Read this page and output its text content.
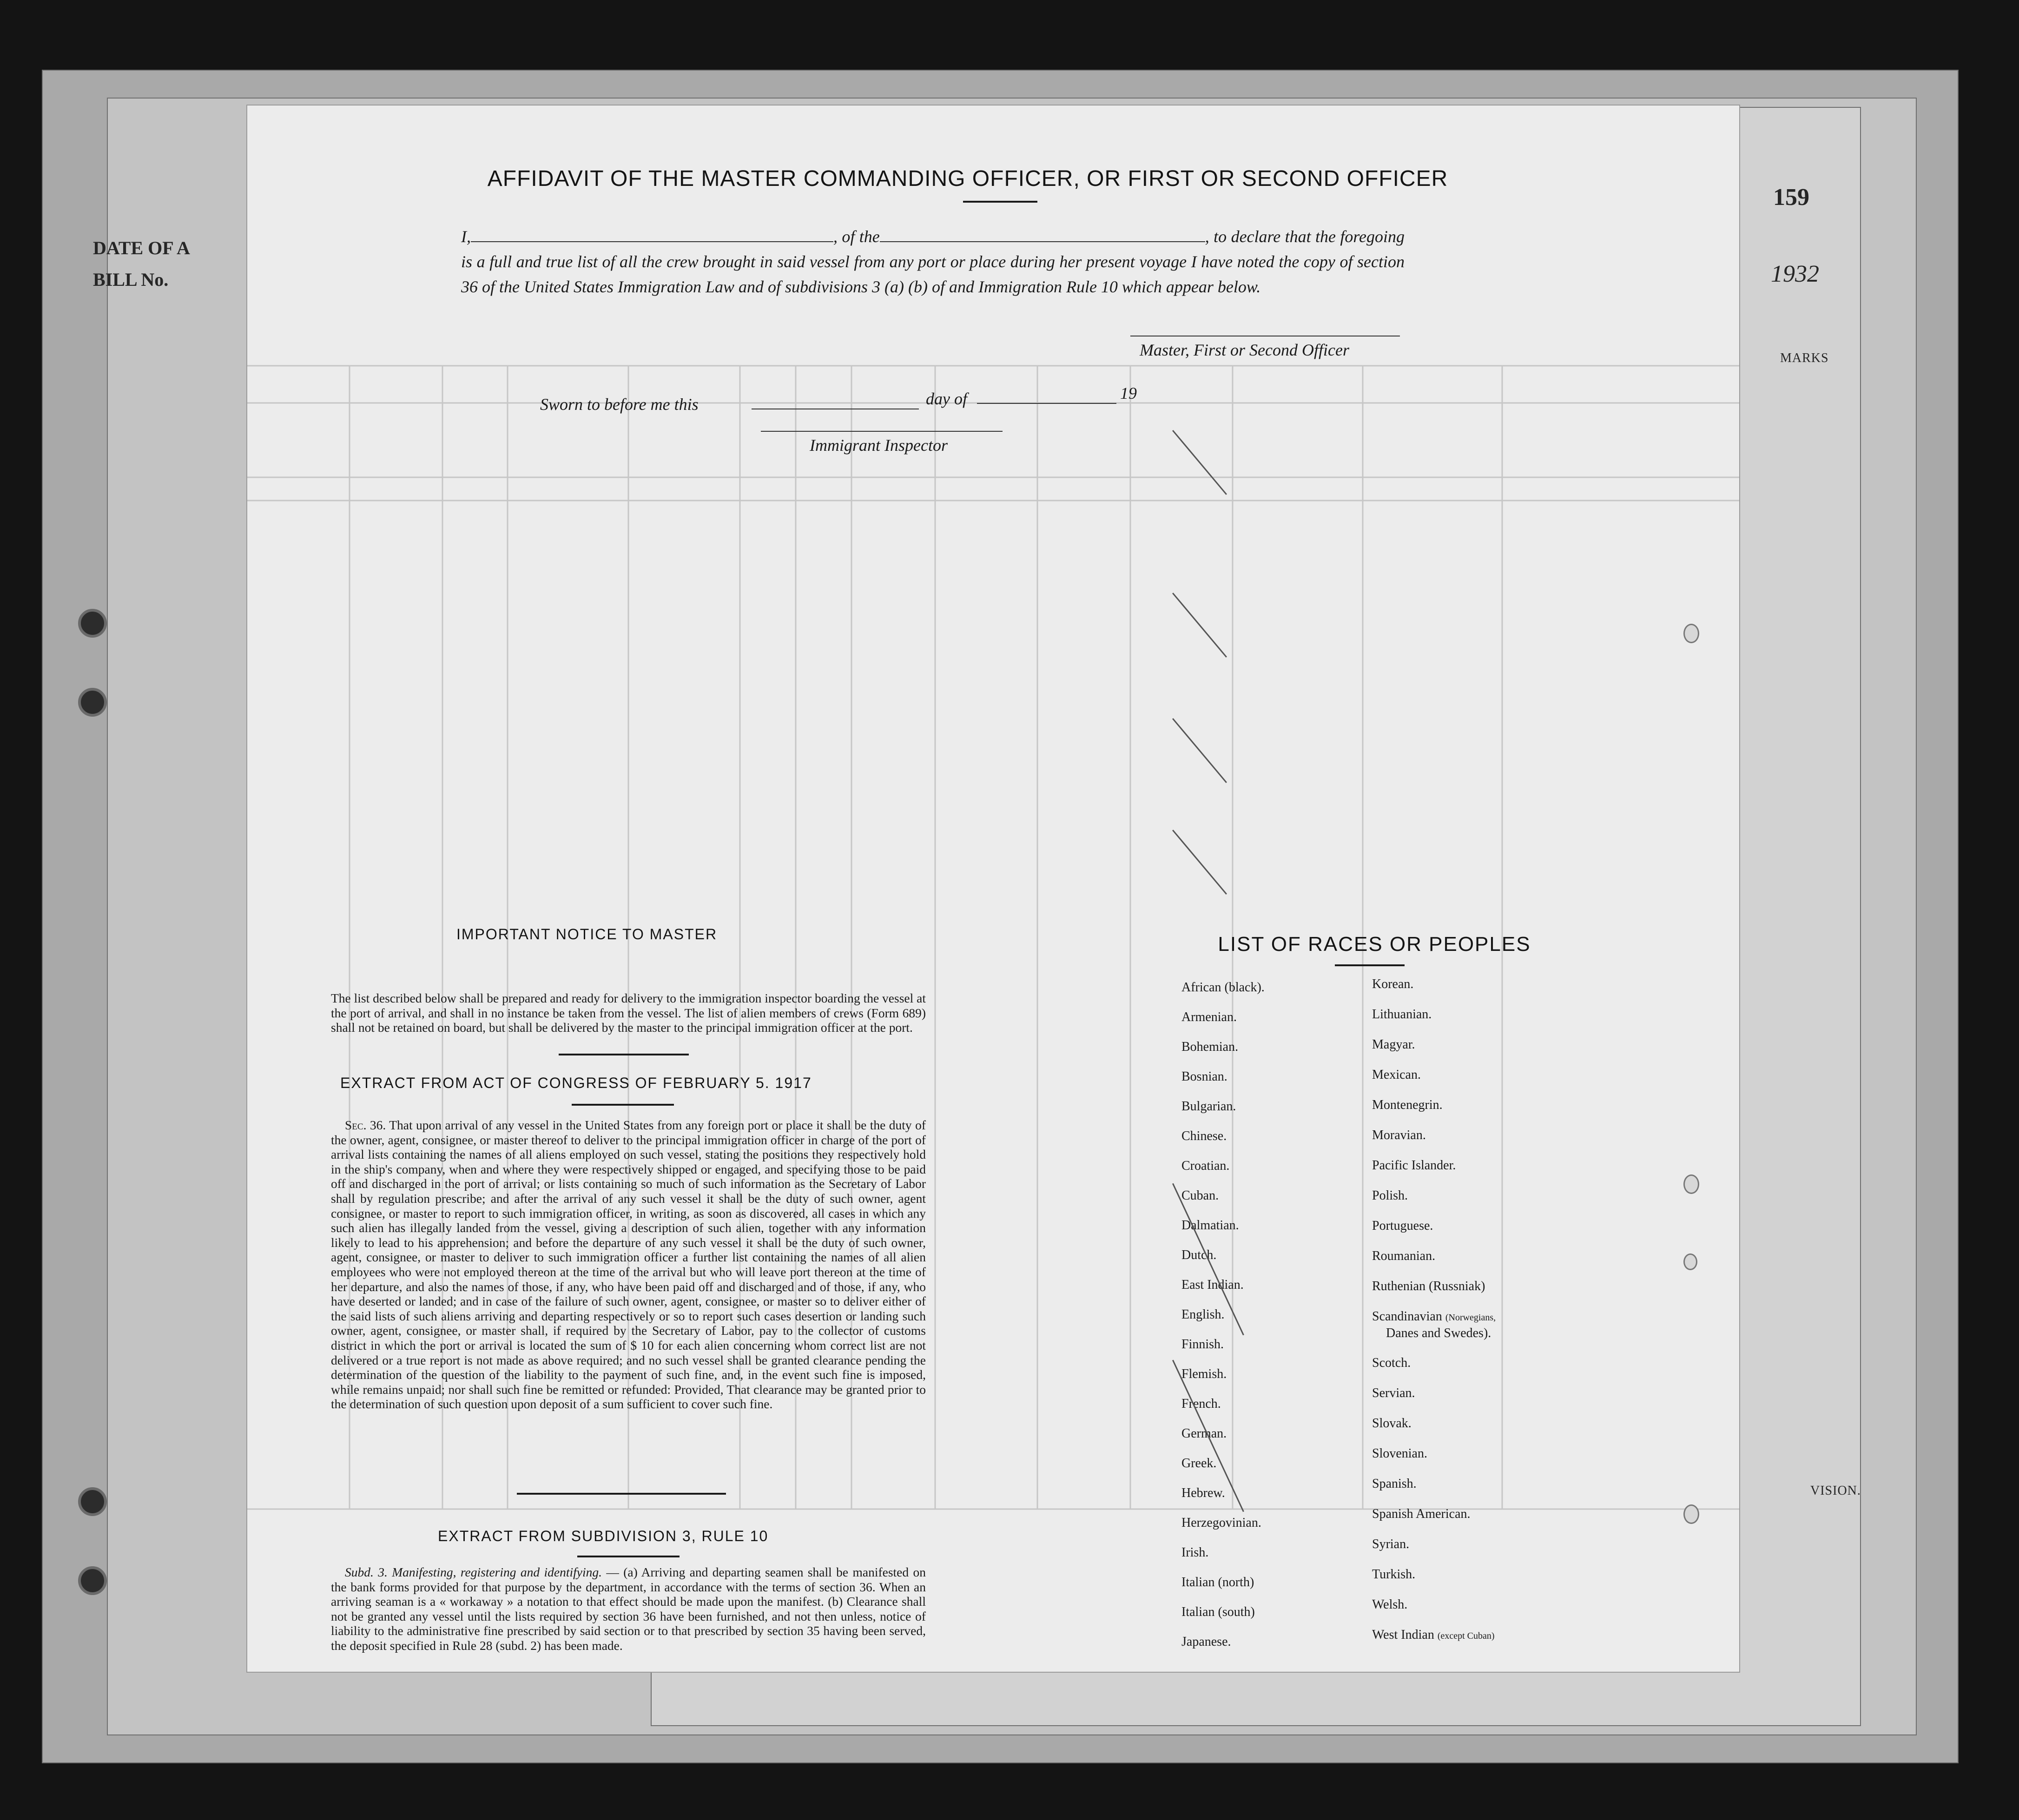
DATE OF A
BILL No.
159
1932
MARKS
VISION.
AFFIDAVIT OF THE MASTER COMMANDING OFFICER, OR FIRST OR SECOND OFFICER
I,	, of the	, to declare that the foregoing is a full and true list of all the crew brought in said vessel from any port or place during her present voyage I have noted the copy of section 36 of the United States Immigration Law and of subdivisions 3 (a) (b) of and Immigration Rule 10 which appear below.
Master, First or Second Officer
Sworn to before me this	day of	19
Immigrant Inspector
IMPORTANT NOTICE TO MASTER
The list described below shall be prepared and ready for delivery to the immigration inspector boarding the vessel at the port of arrival, and shall in no instance be taken from the vessel. The list of alien members of crews (Form 689) shall not be retained on board, but shall be delivered by the master to the principal immigration officer at the port.
EXTRACT FROM ACT OF CONGRESS OF FEBRUARY 5. 1917
Sec. 36. That upon arrival of any vessel in the United States from any foreign port or place it shall be the duty of the owner, agent, consignee, or master thereof to deliver to the principal immigration officer in charge of the port of arrival lists containing the names of all aliens employed on such vessel, stating the positions they respectively hold in the ship's company, when and where they were respectively shipped or engaged, and specifying those to be paid off and discharged in the port of arrival; or lists containing so much of such information as the Secretary of Labor shall by regulation prescribe; and after the arrival of any such vessel it shall be the duty of such owner, agent consignee, or master to report to such immigration officer, in writing, as soon as discovered, all cases in which any such alien has illegally landed from the vessel, giving a description of such alien, together with any information likely to lead to his apprehension; and before the departure of any such vessel it shall be the duty of such owner, agent, consignee, or master to deliver to such immigration officer a further list containing the names of all alien employees who were not employed thereon at the time of the arrival but who will leave port thereon at the time of her departure, and also the names of those, if any, who have been paid off and discharged and of those, if any, who have deserted or landed; and in case of the failure of such owner, agent, consignee, or master so to deliver either of the said lists of such aliens arriving and departing respectively or so to report such cases desertion or landing such owner, agent, consignee, or master shall, if required by the Secretary of Labor, pay to the collector of customs district in which the port or arrival is located the sum of $ 10 for each alien concerning whom correct list are not delivered or a true report is not made as above required; and no such vessel shall be granted clearance pending the determination of the question of the liability to the payment of such fine, and, in the event such fine is imposed, while remains unpaid; nor shall such fine be remitted or refunded: Provided, That clearance may be granted prior to the determination of such question upon deposit of a sum sufficient to cover such fine.
EXTRACT FROM SUBDIVISION 3, RULE 10
Subd. 3. Manifesting, registering and identifying. — (a) Arriving and departing seamen shall be manifested on the bank forms provided for that purpose by the department, in accordance with the terms of section 36. When an arriving seaman is a « workaway » a notation to that effect should be made upon the manifest. (b) Clearance shall not be granted any vessel until the lists required by section 36 have been furnished, and not then unless, notice of liability to the administrative fine prescribed by said section or to that prescribed by section 35 having been served, the deposit specified in Rule 28 (subd. 2) has been made.
LIST OF RACES OR PEOPLES
African (black).
Armenian.
Bohemian.
Bosnian.
Bulgarian.
Chinese.
Croatian.
Cuban.
Dalmatian.
Dutch.
East Indian.
English.
Finnish.
Flemish.
French.
German.
Greek.
Hebrew.
Herzegovinian.
Irish.
Italian (north)
Italian (south)
Japanese.
Korean.
Lithuanian.
Magyar.
Mexican.
Montenegrin.
Moravian.
Pacific Islander.
Polish.
Portuguese.
Roumanian.
Ruthenian (Russniak)
Scandinavian (Norwegians,
Danes and Swedes).
Scotch.
Servian.
Slovak.
Slovenian.
Spanish.
Spanish American.
Syrian.
Turkish.
Welsh.
West Indian (except Cuban)
